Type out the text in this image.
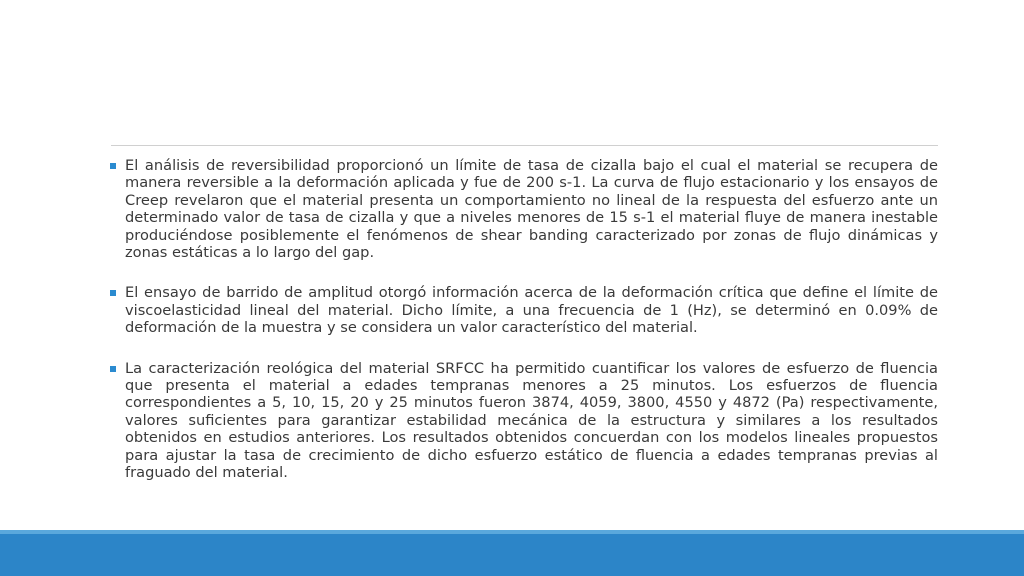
El análisis de reversibilidad proporcionó un límite de tasa de cizalla bajo el cual el material se recupera de manera reversible a la deformación aplicada y fue de 200 s-1. La curva de flujo estacionario y los ensayos de Creep revelaron que el material presenta un comportamiento no lineal de la respuesta del esfuerzo ante un determinado valor de tasa de cizalla y que a niveles menores de 15 s-1 el material fluye de manera inestable produciéndose posiblemente el fenómenos de shear banding caracterizado por zonas de flujo dinámicas y zonas estáticas a lo largo del gap.
El ensayo de barrido de amplitud otorgó información acerca de la deformación crítica que define el límite de viscoelasticidad lineal del material. Dicho límite, a una frecuencia de 1 (Hz), se determinó en 0.09% de deformación de la muestra y se considera un valor característico del material.
La caracterización reológica del material SRFCC ha permitido cuantificar los valores de esfuerzo de fluencia que presenta el material a edades tempranas menores a 25 minutos. Los esfuerzos de fluencia correspondientes a 5, 10, 15, 20 y 25 minutos fueron 3874, 4059, 3800, 4550 y 4872 (Pa) respectivamente, valores suficientes para garantizar estabilidad mecánica de la estructura y similares a los resultados obtenidos en estudios anteriores. Los resultados obtenidos concuerdan con los modelos lineales propuestos para ajustar la tasa de crecimiento de dicho esfuerzo estático de fluencia a edades tempranas previas al fraguado del material.
